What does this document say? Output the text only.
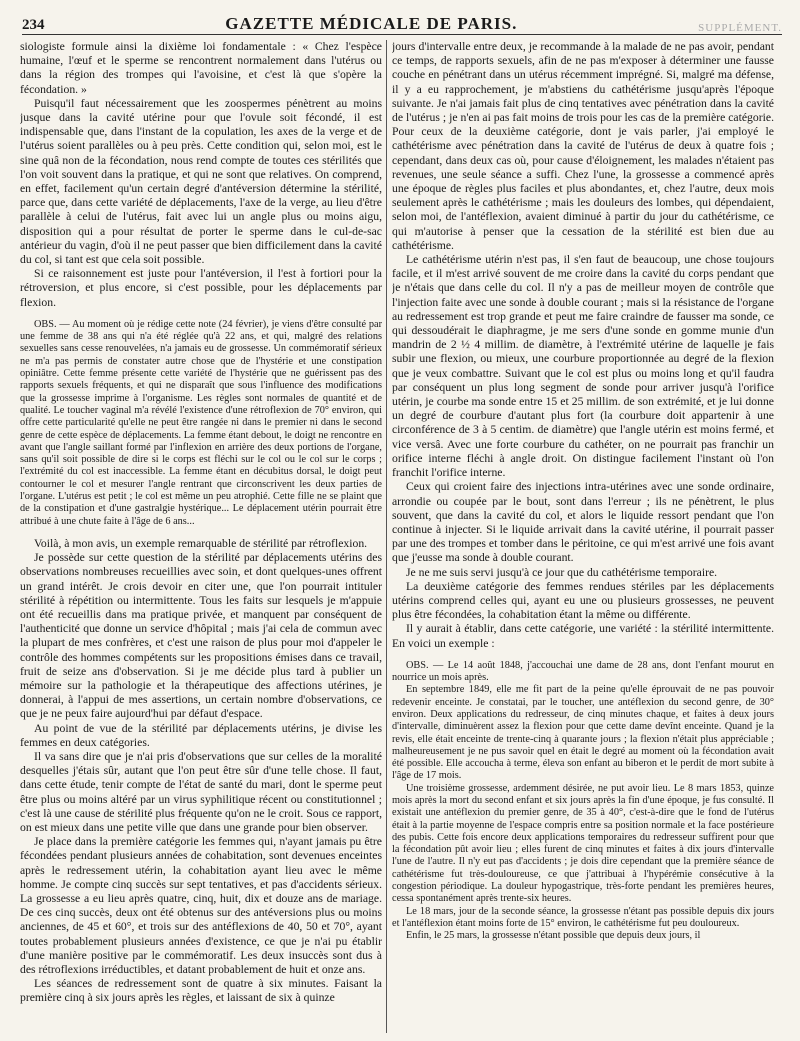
234	GAZETTE MÉDICALE DE PARIS.	SUPPLÉMENT.

siologiste formule ainsi la dixième loi fondamentale : « Chez l'espèce humaine, l'œuf et le sperme se rencontrent normalement dans l'utérus ou dans la région des trompes qui l'avoisine, et c'est là que s'opère la fécondation. »

Puisqu'il faut nécessairement que les zoospermes pénètrent au moins jusque dans la cavité utérine pour que l'ovule soit fécondé, il est indispensable que, dans l'instant de la copulation, les axes de la verge et de l'utérus soient parallèles ou à peu près. Cette condition qui, selon moi, est le sine quâ non de la fécondation, nous rend compte de toutes ces stérilités que l'on voit souvent dans la pratique, et qui ne sont que relatives. On comprend, en effet, facilement qu'un certain degré d'antéversion détermine la stérilité, parce que, dans cette variété de déplacements, l'axe de la verge, au lieu d'être parallèle à celui de l'utérus, fait avec lui un angle plus ou moins aigu, disposition qui a pour résultat de porter le sperme dans le cul-de-sac antérieur du vagin, d'où il ne peut passer que bien difficilement dans la cavité du col, si tant est que cela soit possible.

Si ce raisonnement est juste pour l'antéversion, il l'est à fortiori pour la rétroversion, et plus encore, si c'est possible, pour les déplacements par flexion.

OBS. — Au moment où je rédige cette note (24 février), je viens d'être consulté par une femme de 38 ans qui n'a été réglée qu'à 22 ans, et qui, malgré des relations sexuelles sans cesse renouvelées, n'a jamais eu de grossesse. Un commémoratif sérieux ne m'a pas permis de constater autre chose que de l'hystérie et une constipation opiniâtre. Cette femme présente cette variété de l'hystérie que ne guérissent pas des rapports sexuels fréquents, et qui ne disparaît que sous l'influence des modifications que la grossesse imprime à l'organisme. Les règles sont normales de quantité et de qualité. Le toucher vaginal m'a révélé l'existence d'une rétroflexion de 70° environ, qui offre cette particularité qu'elle ne peut être rangée ni dans le premier ni dans le second genre de cette espèce de déplacements. La femme étant debout, le doigt ne rencontre en avant que l'angle saillant formé par l'inflexion en arrière des deux portions de l'organe, sans qu'il soit possible de dire si le corps est fléchi sur le col ou le col sur le corps ; l'extrémité du col est inaccessible. La femme étant en décubitus dorsal, le doigt peut contourner le col et mesurer l'angle rentrant que circonscrivent les deux parties de l'organe. L'utérus est petit ; le col est même un peu atrophié. Cette fille ne se plaint que de la constipation et d'une gastralgie hystérique... Le déplacement utérin pourrait être attribué à une chute faite à l'âge de 6 ans...

Voilà, à mon avis, un exemple remarquable de stérilité par rétroflexion.

Je possède sur cette question de la stérilité par déplacements utérins des observations nombreuses recueillies avec soin, et dont quelques-unes offrent un grand intérêt. Je crois devoir en citer une, que l'on pourrait intituler stérilité à répétition ou intermittente. Tous les faits sur lesquels je m'appuie ont été recueillis dans ma pratique privée, et manquent par conséquent de l'authenticité que donne un service d'hôpital ; mais j'ai cela de commun avec la plupart de mes confrères, et c'est une raison de plus pour moi d'appeler le contrôle des hommes compétents sur les propositions émises dans ce travail, fruit de seize ans d'observation. Si je me décide plus tard à publier un mémoire sur la pathologie et la thérapeutique des affections utérines, je donnerai, à l'appui de mes assertions, un certain nombre d'observations, ce que je ne peux faire aujourd'hui par défaut d'espace.

Au point de vue de la stérilité par déplacements utérins, je divise les femmes en deux catégories.

Il va sans dire que je n'ai pris d'observations que sur celles de la moralité desquelles j'étais sûr, autant que l'on peut être sûr d'une telle chose. Il faut, dans cette étude, tenir compte de l'état de santé du mari, dont le sperme peut être plus ou moins altéré par un virus syphilitique récent ou constitutionnel ; c'est là une cause de stérilité plus fréquente qu'on ne le croit. Sous ce rapport, on est mieux dans une petite ville que dans une grande pour bien observer.

Je place dans la première catégorie les femmes qui, n'ayant jamais pu être fécondées pendant plusieurs années de cohabitation, sont devenues enceintes après le redressement utérin, la cohabitation ayant lieu avec le même homme. Je compte cinq succès sur sept tentatives, et pas d'accidents sérieux. La grossesse a eu lieu après quatre, cinq, huit, dix et douze ans de mariage. De ces cinq succès, deux ont été obtenus sur des antéversions plus ou moins anciennes, de 45 et 60°, et trois sur des antéflexions de 40, 50 et 70°, ayant toutes probablement plusieurs années d'existence, ce que je n'ai pu établir d'une manière positive par le commémoratif. Les deux insuccès sont dus à des rétroflexions irréductibles, et datant probablement de huit et onze ans.

Les séances de redressement sont de quatre à six minutes. Faisant la première cinq à six jours après les règles, et laissant de six à quinze

jours d'intervalle entre deux, je recommande à la malade de ne pas avoir, pendant ce temps, de rapports sexuels, afin de ne pas m'exposer à déterminer une fausse couche en pénétrant dans un utérus récemment imprégné. Si, malgré ma défense, il y a eu rapprochement, je m'abstiens du cathétérisme jusqu'après l'époque suivante. Je n'ai jamais fait plus de cinq tentatives avec pénétration dans la cavité de l'utérus ; je n'en ai pas fait moins de trois pour les cas de la première catégorie. Pour ceux de la deuxième catégorie, dont je vais parler, j'ai employé le cathétérisme avec pénétration dans la cavité de l'utérus de deux à quatre fois ; cependant, dans deux cas où, pour cause d'éloignement, les malades n'étaient pas revenues, une seule séance a suffi. Chez l'une, la grossesse a commencé après une époque de règles plus faciles et plus abondantes, et, chez l'autre, deux mois seulement après le cathétérisme ; mais les douleurs des lombes, qui dépendaient, selon moi, de l'antéflexion, avaient diminué à partir du jour du cathétérisme, ce qui m'autorise à penser que la cessation de la stérilité est bien due au cathétérisme.

Le cathétérisme utérin n'est pas, il s'en faut de beaucoup, une chose toujours facile, et il m'est arrivé souvent de me croire dans la cavité du corps pendant que je n'étais que dans celle du col. Il n'y a pas de meilleur moyen de contrôle que l'injection faite avec une sonde à double courant ; mais si la résistance de l'organe au redressement est trop grande et peut me faire craindre de fausser ma sonde, ce qui dessoudérait le diaphragme, je me sers d'une sonde en gomme munie d'un mandrin de 2 ½ 4 millim. de diamètre, à l'extrémité utérine de laquelle je fais subir une flexion, ou mieux, une courbure proportionnée au degré de la flexion que je veux combattre. Suivant que le col est plus ou moins long et qu'il faudra par conséquent un plus long segment de sonde pour arriver jusqu'à l'orifice utérin, je courbe ma sonde entre 15 et 25 millim. de son extrémité, et je lui donne un degré de courbure d'autant plus fort (la courbure doit appartenir à une circonférence de 3 à 5 centim. de diamètre) que l'angle utérin est moins fermé, et vice versâ. Avec une forte courbure du cathéter, on ne pourrait pas franchir un orifice interne fléchi à angle droit. On distingue facilement l'instant où l'on franchit l'orifice interne.

Ceux qui croient faire des injections intra-utérines avec une sonde ordinaire, arrondie ou coupée par le bout, sont dans l'erreur ; ils ne pénètrent, le plus souvent, que dans la cavité du col, et alors le liquide ressort pendant que l'on continue à injecter. Si le liquide arrivait dans la cavité utérine, il pourrait passer par une des trompes et tomber dans le péritoine, ce qui m'est arrivé une fois avant que j'eusse ma sonde à double courant.

Je ne me suis servi jusqu'à ce jour que du cathétérisme temporaire.

La deuxième catégorie des femmes rendues stériles par les déplacements utérins comprend celles qui, ayant eu une ou plusieurs grossesses, ne peuvent plus être fécondées, la cohabitation étant la même ou différente.

Il y aurait à établir, dans cette catégorie, une variété : la stérilité intermittente. En voici un exemple :

OBS. — Le 14 août 1848, j'accouchai une dame de 28 ans, dont l'enfant mourut en nourrice un mois après.

En septembre 1849, elle me fit part de la peine qu'elle éprouvait de ne pas pouvoir redevenir enceinte. Je constatai, par le toucher, une antéflexion du second genre, de 30° environ. Deux applications du redresseur, de cinq minutes chaque, et faites à deux jours d'intervalle, diminuèrent assez la flexion pour que cette dame devînt enceinte. Quand je la revis, elle était enceinte de trente-cinq à quarante jours ; la flexion n'était plus appréciable ; malheureusement je ne pus savoir quel en était le degré au moment où la fécondation avait été possible. Elle accoucha à terme, éleva son enfant au biberon et le perdit de mort subite à l'âge de 17 mois.

Une troisième grossesse, ardemment désirée, ne put avoir lieu. Le 8 mars 1853, quinze mois après la mort du second enfant et six jours après la fin d'une époque, je fus consulté. Il existait une antéflexion du premier genre, de 35 à 40°, c'est-à-dire que le fond de l'utérus était à la partie moyenne de l'espace compris entre sa position normale et la face postérieure des pubis. Cette fois encore deux applications temporaires du redresseur suffirent pour que la fécondation pût avoir lieu ; elles furent de cinq minutes et faites à dix jours d'intervalle l'une de l'autre. Il n'y eut pas d'accidents ; je dois dire cependant que la première séance de cathétérisme fut très-douloureuse, ce que j'attribuai à l'hypérémie consécutive à la congestion périodique. La douleur hypogastrique, très-forte pendant les premières heures, cessa spontanément après trente-six heures.

Le 18 mars, jour de la seconde séance, la grossesse n'étant pas possible depuis dix jours et l'antéflexion étant moins forte de 15° environ, le cathétérisme fut peu douloureux.

Enfin, le 25 mars, la grossesse n'étant possible que depuis deux jours, il
